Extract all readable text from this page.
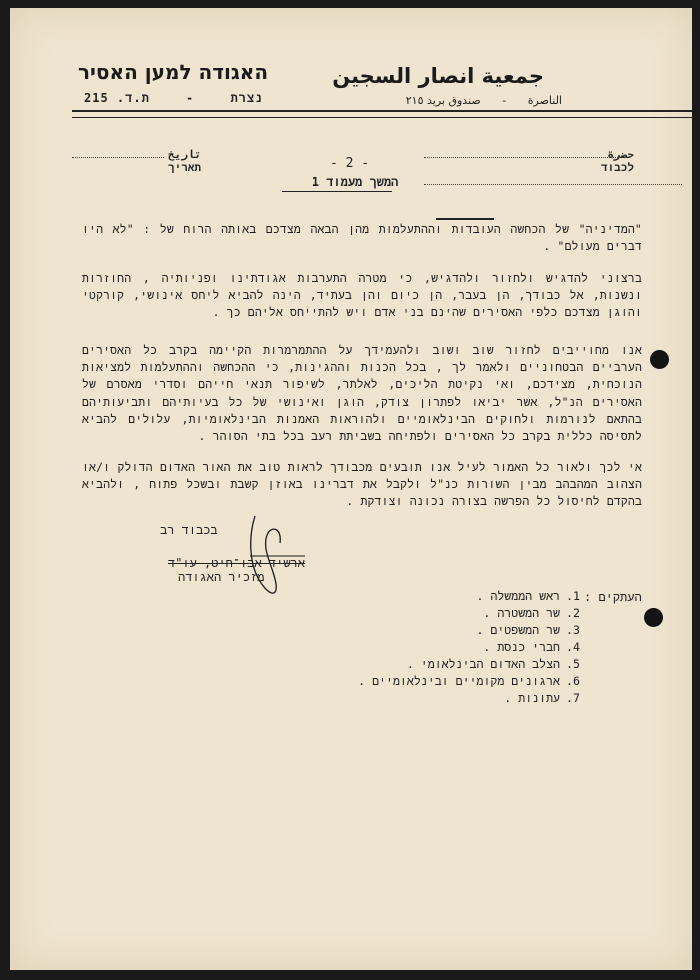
האגודה למען האסיר	جمعية انصار السجين
ת.ד. 215	-	נצרת	الناصرة - صندوق بريد ٢١٥
حضرة
לכבוד
تاريخ
תאריך	- 2 -
המשך מעמוד 1

"המדיניה" של הכחשה העובדות וההתעלמות מהן הבאה מצדכם באותה הרוח של : "לא היו דברים מעולם" .

ברצוני להדגיש ולחזור ולהדגיש, כי מטרה התערבות אגודתינו ופניותיה , החוזרות ונשנות, אל כבודך, הן בעבר, הן כיום והן בעתיד, הינה להביא ליחס אינושי, קורקטי והוגן מצדכם כלפי האסירים שהינם בני אדם ויש להתייחס אליהם כך .

אנו מחוייבים לחזור שוב ושוב ולהעמידך על ההתמרמרות הקיימה בקרב כל האסירים הערביים הבטחוניים ולאמר לך , בכל הכנות וההגינות, כי ההכחשה וההתעלמות למציאות הנוכחית, מצידכם, ואי נקיטת הליכים, לאלתר, לשיפור תנאי חייהם וסדרי מאסרם של האסירים הנ"ל, אשר יביאו לפתרון צודק, הוגן ואינושי של כל בעיותיהם ותביעותיהם בהתאם לנורמות ולחוקים הבינלאומיים ולהוראות האמנות הבינלאומיות, עלולים להביא לתסיסה כללית בקרב כל האסירים ולפתיחה בשביתת רעב בכל בתי הסוהר .

אי לכך ולאור כל האמור לעיל אנו תובעים מכבודך לראות טוב את האור האדום הדולק ו/או הצהוב המהבהב מבין השורות כנ"ל ולקבל את דברינו באוזן קשבת ובשכל פתוח , ולהביא בהקדם לחיסול כל הפרשה בצורה נכונה וצודקת .

בכבוד רב
ארשיד אבו־חיט, עו"ד
מזכיר האגודה
העתקים :
1.ראש הממשלה .
2.שר המשטרה .
3.שר המשפטים .
4.חברי כנסת .
5.הצלב האדום הבינלאומי .
6.ארגונים מקומיים ובינלאומיים .
7.עתונות .
